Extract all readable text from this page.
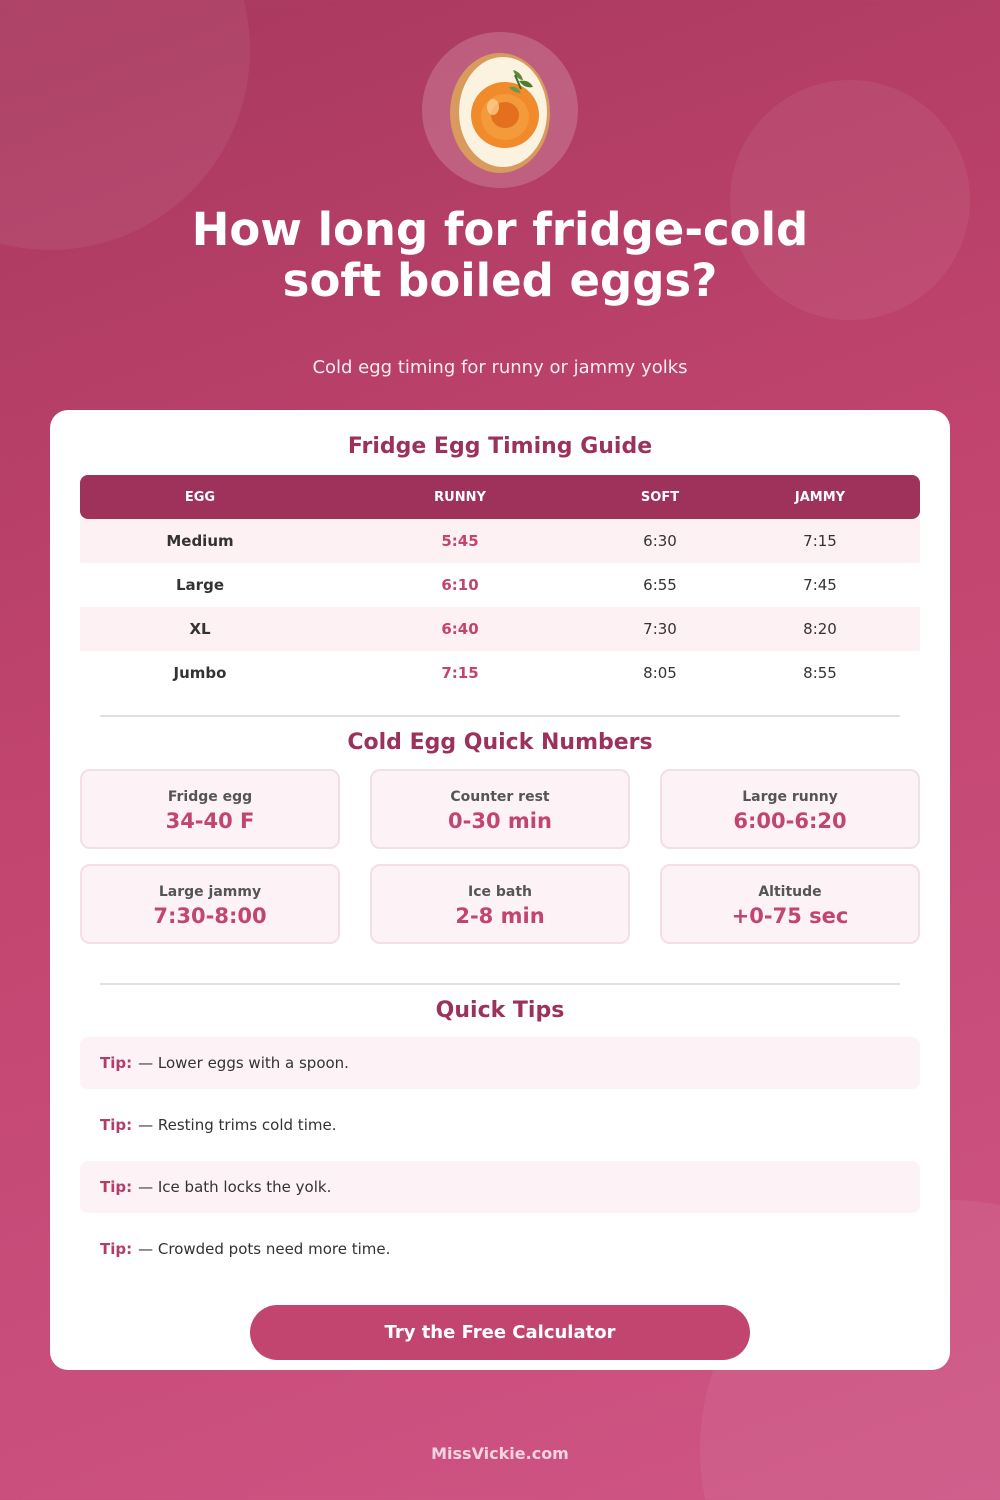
How long for fridge-cold
soft boiled eggs?
Cold egg timing for runny or jammy yolks
Fridge Egg Timing Guide
EGG	RUNNY	SOFT	JAMMY
Medium	5:45	6:30	7:15
Large	6:10	6:55	7:45
XL	6:40	7:30	8:20
Jumbo	7:15	8:05	8:55
Cold Egg Quick Numbers
Fridge egg
34-40 F
Counter rest
0-30 min
Large runny
6:00-6:20
Large jammy
7:30-8:00
Ice bath
2-8 min
Altitude
+0-75 sec
Quick Tips
Tip: — Lower eggs with a spoon.
Tip: — Resting trims cold time.
Tip: — Ice bath locks the yolk.
Tip: — Crowded pots need more time.
Try the Free Calculator
MissVickie.com
